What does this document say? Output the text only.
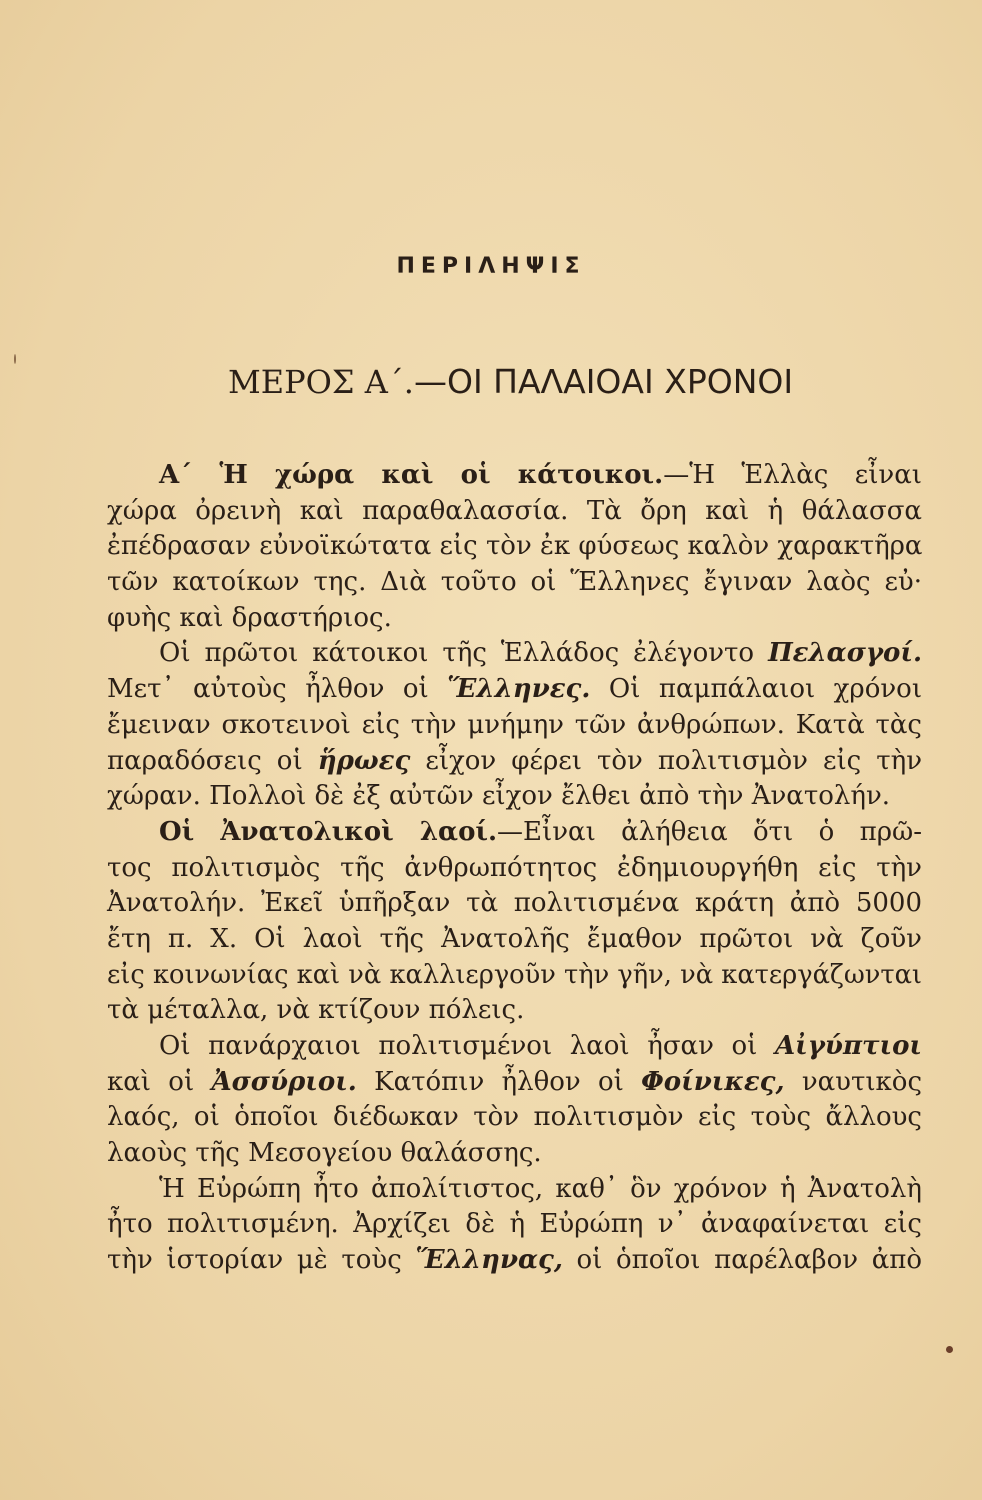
ΠΕΡΙΛΗΨΙΣ
ΜΕΡΟΣ Α΄.—ΟΙ ΠΑΛΑΙΟΑΙ ΧΡΟΝΟΙ
Α΄ Ἡ χώρα καὶ οἱ κάτοικοι.—Ἡ Ἑλλὰς εἶναι
χώρα ὀρεινὴ καὶ παραθαλασσία. Τὰ ὄρη καὶ ἡ θάλασσα
ἐπέδρασαν εὐνοϊκώτατα εἰς τὸν ἐκ φύσεως καλὸν χαρακτῆρα
τῶν κατοίκων της. Διὰ τοῦτο οἱ Ἕλληνες ἔγιναν λαὸς εὐ·
φυὴς καὶ δραστήριος.
Οἱ πρῶτοι κάτοικοι τῆς Ἑλλάδος ἐλέγοντο Πελασγοί.
Μετ᾽ αὐτοὺς ἦλθον οἱ Ἕλληνες. Οἱ παμπάλαιοι χρόνοι
ἔμειναν σκοτεινοὶ εἰς τὴν μνήμην τῶν ἀνθρώπων. Κατὰ τὰς
παραδόσεις οἱ ἥρωες εἶχον φέρει τὸν πολιτισμὸν εἰς τὴν
χώραν. Πολλοὶ δὲ ἐξ αὐτῶν εἶχον ἔλθει ἀπὸ τὴν Ἀνατολήν.
Οἱ Ἀνατολικοὶ λαοί.—Εἶναι ἀλήθεια ὅτι ὁ πρῶ-
τος πολιτισμὸς τῆς ἀνθρωπότητος ἐδημιουργήθη εἰς τὴν
Ἀνατολήν. Ἐκεῖ ὑπῆρξαν τὰ πολιτισμένα κράτη ἀπὸ 5000
ἔτη π. Χ. Οἱ λαοὶ τῆς Ἀνατολῆς ἔμαθον πρῶτοι νὰ ζοῦν
εἰς κοινωνίας καὶ νὰ καλλιεργοῦν τὴν γῆν, νὰ κατεργάζωνται
τὰ μέταλλα, νὰ κτίζουν πόλεις.
Οἱ πανάρχαιοι πολιτισμένοι λαοὶ ἦσαν οἱ Αἰγύπτιοι
καὶ οἱ Ἀσσύριοι. Κατόπιν ἦλθον οἱ Φοίνικες, ναυτικὸς
λαός, οἱ ὁποῖοι διέδωκαν τὸν πολιτισμὸν εἰς τοὺς ἄλλους
λαοὺς τῆς Μεσογείου θαλάσσης.
Ἡ Εὐρώπη ἦτο ἀπολίτιστος, καθ᾽ ὃν χρόνον ἡ Ἀνατολὴ
ἦτο πολιτισμένη. Ἀρχίζει δὲ ἡ Εὐρώπη ν᾽ ἀναφαίνεται εἰς
τὴν ἱστορίαν μὲ τοὺς Ἕλληνας, οἱ ὁποῖοι παρέλαβον ἀπὸ
